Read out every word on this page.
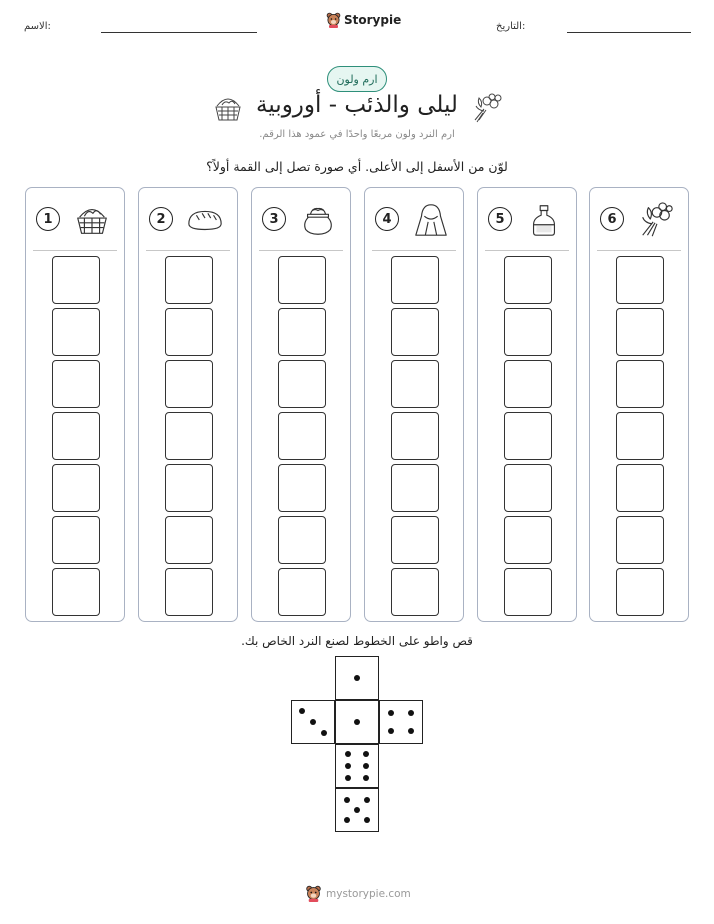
الاسم:	التاريخ:
Storypie
ارم ولون
ليلى والذئب - أوروبية
ارم النرد ولون مربعًا واحدًا في عمود هذا الرقم.
لوّن من الأسفل إلى الأعلى. أي صورة تصل إلى القمة أولاً؟
1	2	3	4	5	6
قص واطو على الخطوط لصنع النرد الخاص بك.
mystorypie.com
